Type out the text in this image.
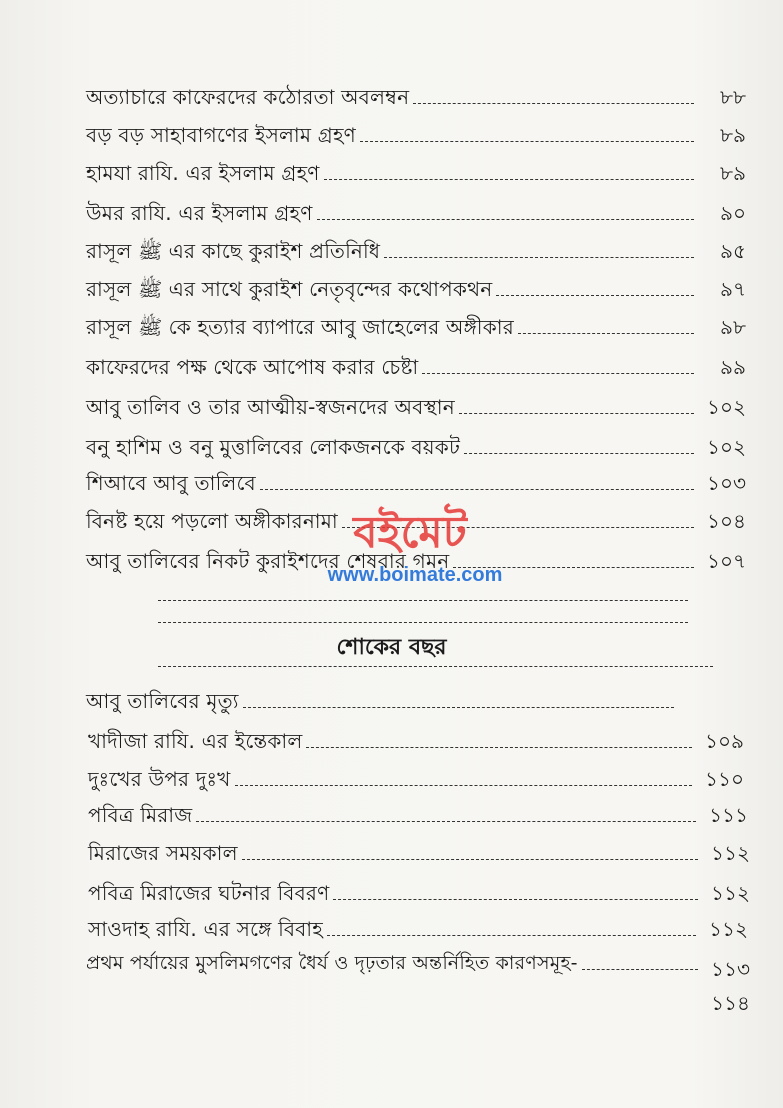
অত্যাচারে কাফেরদের কঠোরতা অবলম্বন	৮৮
বড় বড় সাহাবাগণের ইসলাম গ্রহণ	৮৯
হামযা রাযি. এর ইসলাম গ্রহণ	৮৯
উমর রাযি. এর ইসলাম গ্রহণ	৯০
রাসূল ﷺ এর কাছে কুরাইশ প্রতিনিধি	৯৫
রাসূল ﷺ এর সাথে কুরাইশ নেতৃবৃন্দের কথোপকথন	৯৭
রাসূল ﷺ কে হত্যার ব্যাপারে আবু জাহেলের অঙ্গীকার	৯৮
কাফেরদের পক্ষ থেকে আপোষ করার চেষ্টা	৯৯
আবু তালিব ও তার আত্মীয়-স্বজনদের অবস্থান	১০২
বনু হাশিম ও বনু মুত্তালিবের লোকজনকে বয়কট	১০২
শিআবে আবু তালিবে	১০৩
বিনষ্ট হয়ে পড়লো অঙ্গীকারনামা	১০৪
আবু তালিবের নিকট কুরাইশদের শেষবার গমন	১০৭
শোকের বছর
আবু তালিবের মৃত্যু
খাদীজা রাযি. এর ইন্তেকাল	১০৯
দুঃখের উপর দুঃখ	১১০
পবিত্র মিরাজ	১১১
মিরাজের সময়কাল	১১২
পবিত্র মিরাজের ঘটনার বিবরণ	১১২
সাওদাহ রাযি. এর সঙ্গে বিবাহ	১১২
প্রথম পর্যায়ের মুসলিমগণের ধৈর্য ও দৃঢ়তার অন্তর্নিহিত কারণসমূহ-	১১৩
১১৪
বইমেট
www.boimate.com
